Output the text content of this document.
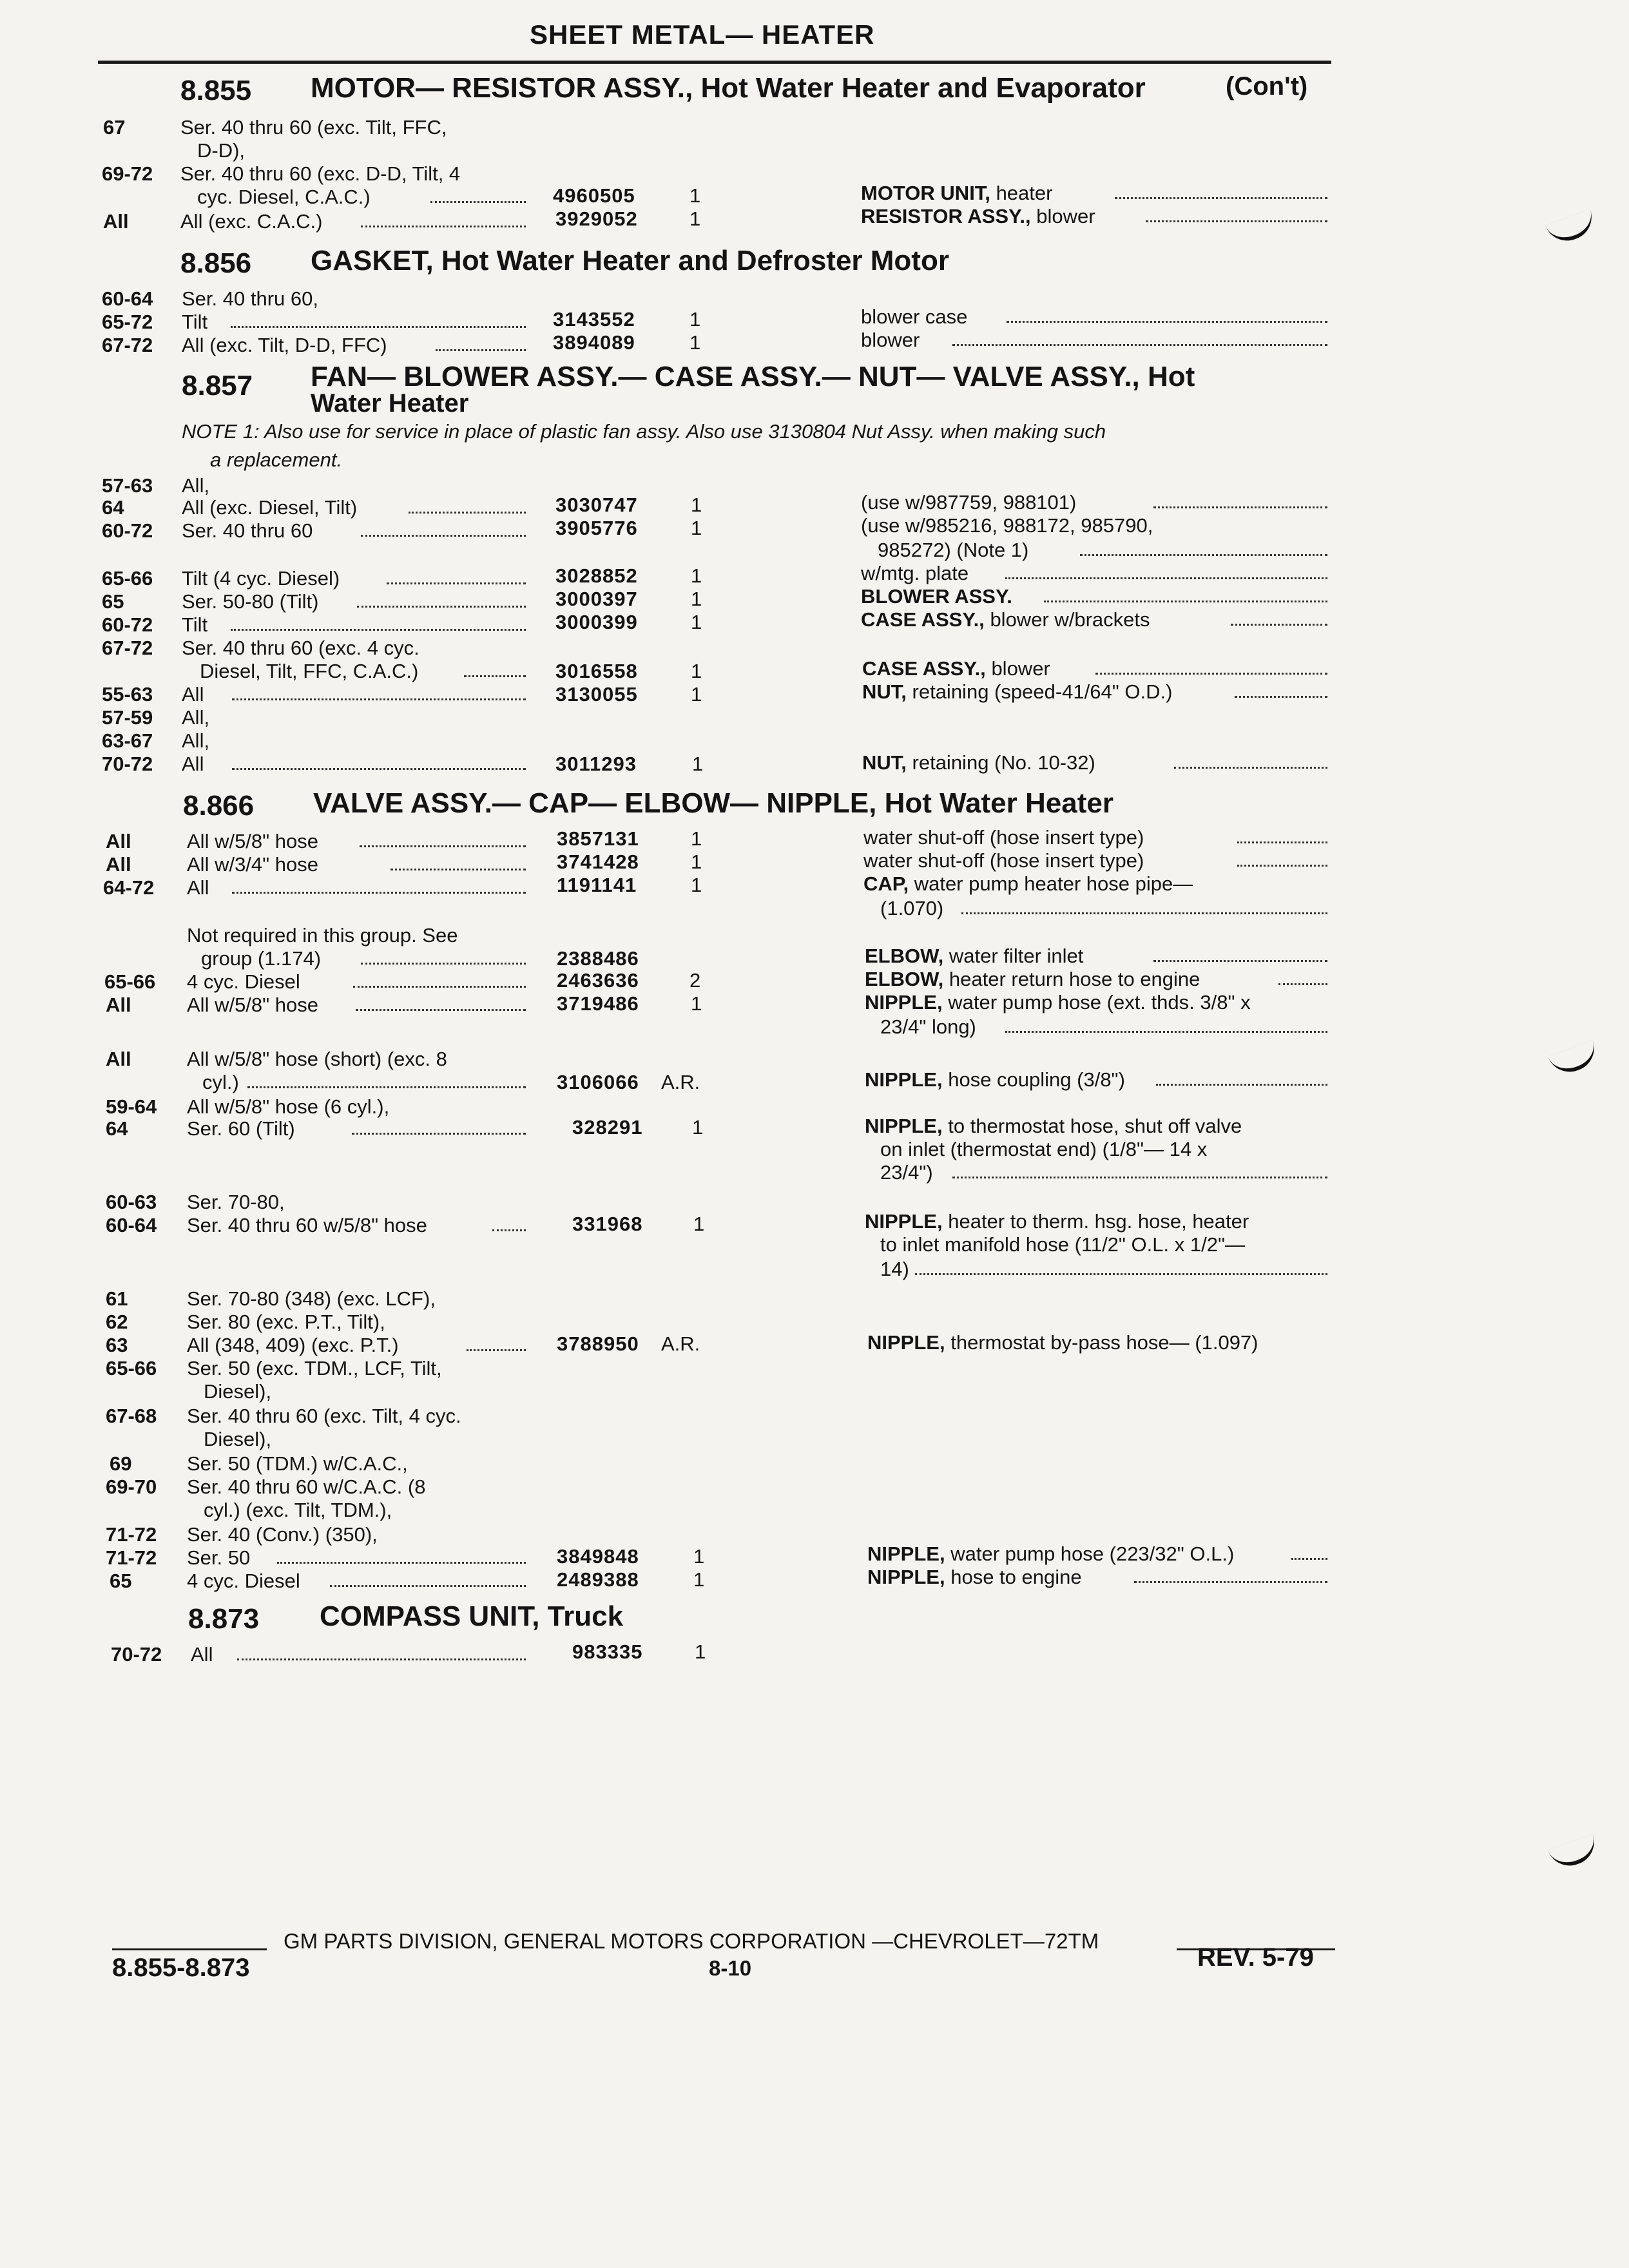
SHEET METAL— HEATER
8.855 MOTOR— RESISTOR ASSY., Hot Water Heater and Evaporator	(Con't)
67	Ser. 40 thru 60 (exc. Tilt, FFC,
D-D),
69-72 Ser. 40 thru 60 (exc. D-D, Tilt, 4
cyc. Diesel, C.A.C.)	4960505	1	MOTOR UNIT, heater
All	All (exc. C.A.C.)	3929052	1	RESISTOR ASSY., blower
8.856 GASKET, Hot Water Heater and Defroster Motor
60-64 Ser. 40 thru 60,
65-72 Tilt	3143552	1	blower case
67-72 All (exc. Tilt, D-D, FFC)	3894089	1	blower
8.857 FAN— BLOWER ASSY.— CASE ASSY.— NUT— VALVE ASSY., Hot
Water Heater
NOTE 1: Also use for service in place of plastic fan assy. Also use 3130804 Nut Assy. when making such
a replacement.
57-63 All,
64	All (exc. Diesel, Tilt)	3030747	1	(use w/987759, 988101)
60-72 Ser. 40 thru 60	3905776	1	(use w/985216, 988172, 985790,
985272) (Note 1)
65-66 Tilt (4 cyc. Diesel)	3028852	1	w/mtg. plate
65	Ser. 50-80 (Tilt)	3000397	1	BLOWER ASSY.
60-72 Tilt	3000399	1	CASE ASSY., blower w/brackets
67-72 Ser. 40 thru 60 (exc. 4 cyc.
Diesel, Tilt, FFC, C.A.C.)	3016558	1	CASE ASSY., blower
55-63 All	3130055	1	NUT, retaining (speed-41/64" O.D.)
57-59 All,
63-67 All,
70-72 All	3011293	1	NUT, retaining (No. 10-32)
8.866 VALVE ASSY.— CAP— ELBOW— NIPPLE, Hot Water Heater
All	All w/5/8" hose	3857131	1	water shut-off (hose insert type)
All	All w/3/4" hose	3741428	1	water shut-off (hose insert type)
64-72 All	1191141	1	CAP, water pump heater hose pipe—
(1.070)
Not required in this group. See
group (1.174)	2388486	ELBOW, water filter inlet
65-66 4 cyc. Diesel	2463636	2	ELBOW, heater return hose to engine
All	All w/5/8" hose	3719486	1	NIPPLE, water pump hose (ext. thds. 3/8" x
23/4" long)
All	All w/5/8" hose (short) (exc. 8
cyl.)	3106066 A.R.	NIPPLE, hose coupling (3/8")
59-64 All w/5/8" hose (6 cyl.),
64	Ser. 60 (Tilt)	328291 1	NIPPLE, to thermostat hose, shut off valve
on inlet (thermostat end) (1/8"— 14 x
23/4")
60-63 Ser. 70-80,
60-64 Ser. 40 thru 60 w/5/8" hose	331968	1	NIPPLE, heater to therm. hsg. hose, heater
to inlet manifold hose (11/2" O.L. x 1/2"—
14)
61	Ser. 70-80 (348) (exc. LCF),
62	Ser. 80 (exc. P.T., Tilt),
63	All (348, 409) (exc. P.T.)	3788950 A.R.	NIPPLE, thermostat by-pass hose— (1.097)
65-66 Ser. 50 (exc. TDM., LCF, Tilt,
Diesel),
67-68 Ser. 40 thru 60 (exc. Tilt, 4 cyc.
Diesel),
69	Ser. 50 (TDM.) w/C.A.C.,
69-70 Ser. 40 thru 60 w/C.A.C. (8
cyl.) (exc. Tilt, TDM.),
71-72 Ser. 40 (Conv.) (350),
71-72 Ser. 50	3849848	1	NIPPLE, water pump hose (223/32" O.L.)
65	4 cyc. Diesel	2489388	1	NIPPLE, hose to engine
8.873 COMPASS UNIT, Truck
70-72 All	983335	1
GM PARTS DIVISION, GENERAL MOTORS CORPORATION —CHEVROLET—72TM
8.855-8.873	8-10	REV. 5-79
